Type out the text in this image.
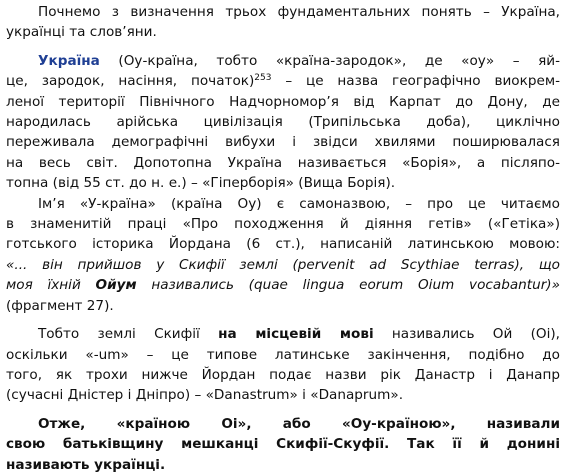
Почнемо з визначення трьох фундаментальних понять – Україна,
українці та слов’яни.
Україна (Оу-країна, тобто «країна-зародок», де «оу» – яй-
це, зародок, насіння, початок)$^{253}$ – це назва географічно виокрем-
леної території Північного Надчорномор’я від Карпат до Дону, де
народилась арійська цивілізація (Трипільська доба), циклічно
переживала демографічні вибухи і звідси хвилями поширювалася
на весь світ. Допотопна Україна називається «Борія», а післяпо-
топна (від 55 ст. до н. е.) – «Гіперборія» (Вища Борія).
Ім’я «У-країна» (країна Оу) є самоназвою, – про це читаємо
в знаменитій праці «Про походження й діяння гетів» («Гетіка»)
готського історика Йордана (6 ст.), написаній латинською мовою:
«... він прийшов у Скифії землі (pervenit ad Scythiae terras), що
моя їхній Ойум називались (quae lingua eorum Oium vocabantur)»
(фрагмент 27).
Тобто землі Скифії на місцевій мові називались Ой (Оі),
оскільки «-um» – це типове латинське закінчення, подібно до
того, як трохи нижче Йордан подає назви рік Данастр і Данапр
(сучасні Дністер і Дніпро) – «Danastrum» і «Danaprum».
Отже, «країною Оі», або «Оу-країною», називали
свою батьківщину мешканці Скифії-Скуфії. Так її й донині
називають українці.
